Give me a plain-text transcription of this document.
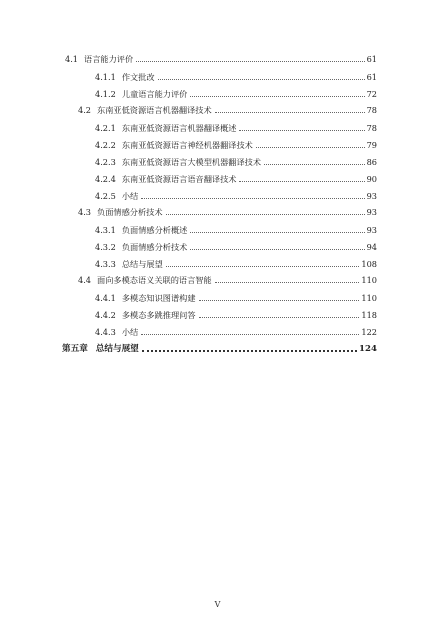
4.1 语言能力评价	61
4.1.1 作文批改	61
4.1.2 儿童语言能力评价	72
4.2 东南亚低资源语言机器翻译技术	78
4.2.1 东南亚低资源语言机器翻译概述	78
4.2.2 东南亚低资源语言神经机器翻译技术	79
4.2.3 东南亚低资源语言大模型机器翻译技术	86
4.2.4 东南亚低资源语言语音翻译技术	90
4.2.5 小结	93
4.3 负面情感分析技术	93
4.3.1 负面情感分析概述	93
4.3.2 负面情感分析技术	94
4.3.3 总结与展望	108
4.4 面向多模态语义关联的语言智能	110
4.4.1 多模态知识图谱构建	110
4.4.2 多模态多跳推理问答	118
4.4.3 小结	122
第五章 总结与展望	124
V
